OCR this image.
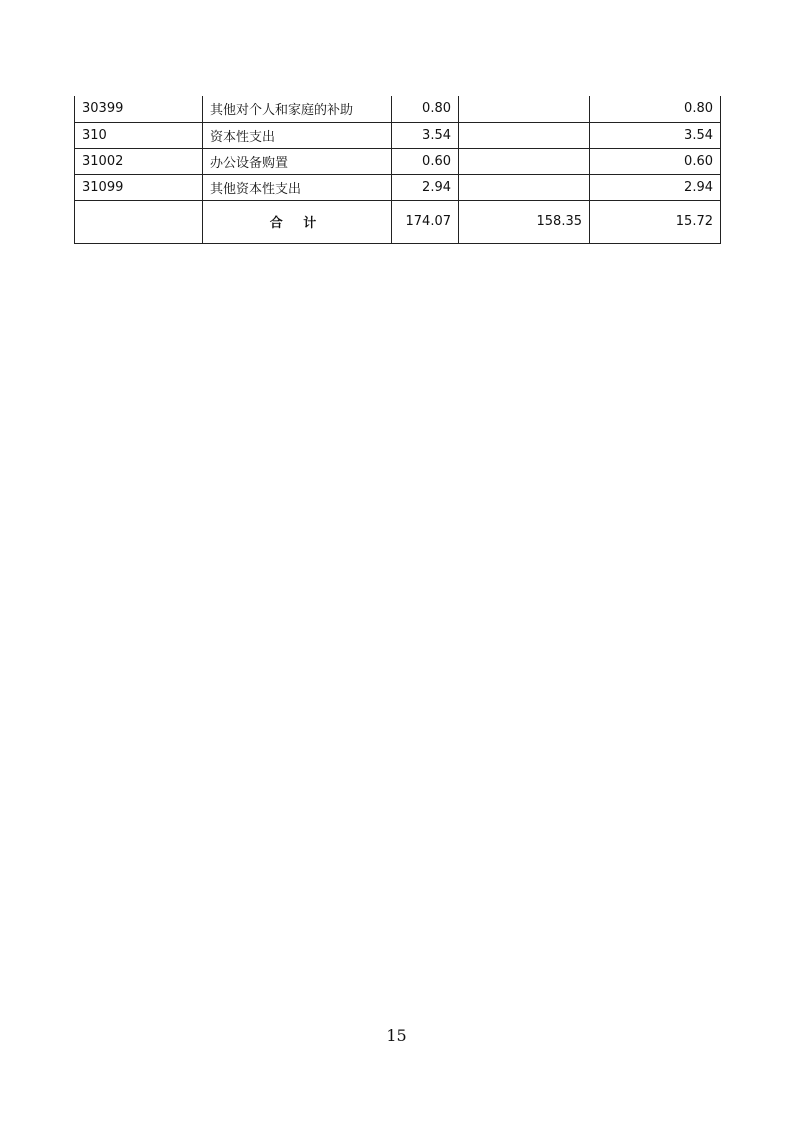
30399	其他对个人和家庭的补助	0.80		0.80
310	资本性支出	3.54		3.54
31002	办公设备购置	0.60		0.60
31099	其他资本性支出	2.94		2.94
	合 计	174.07	158.35	15.72
15
